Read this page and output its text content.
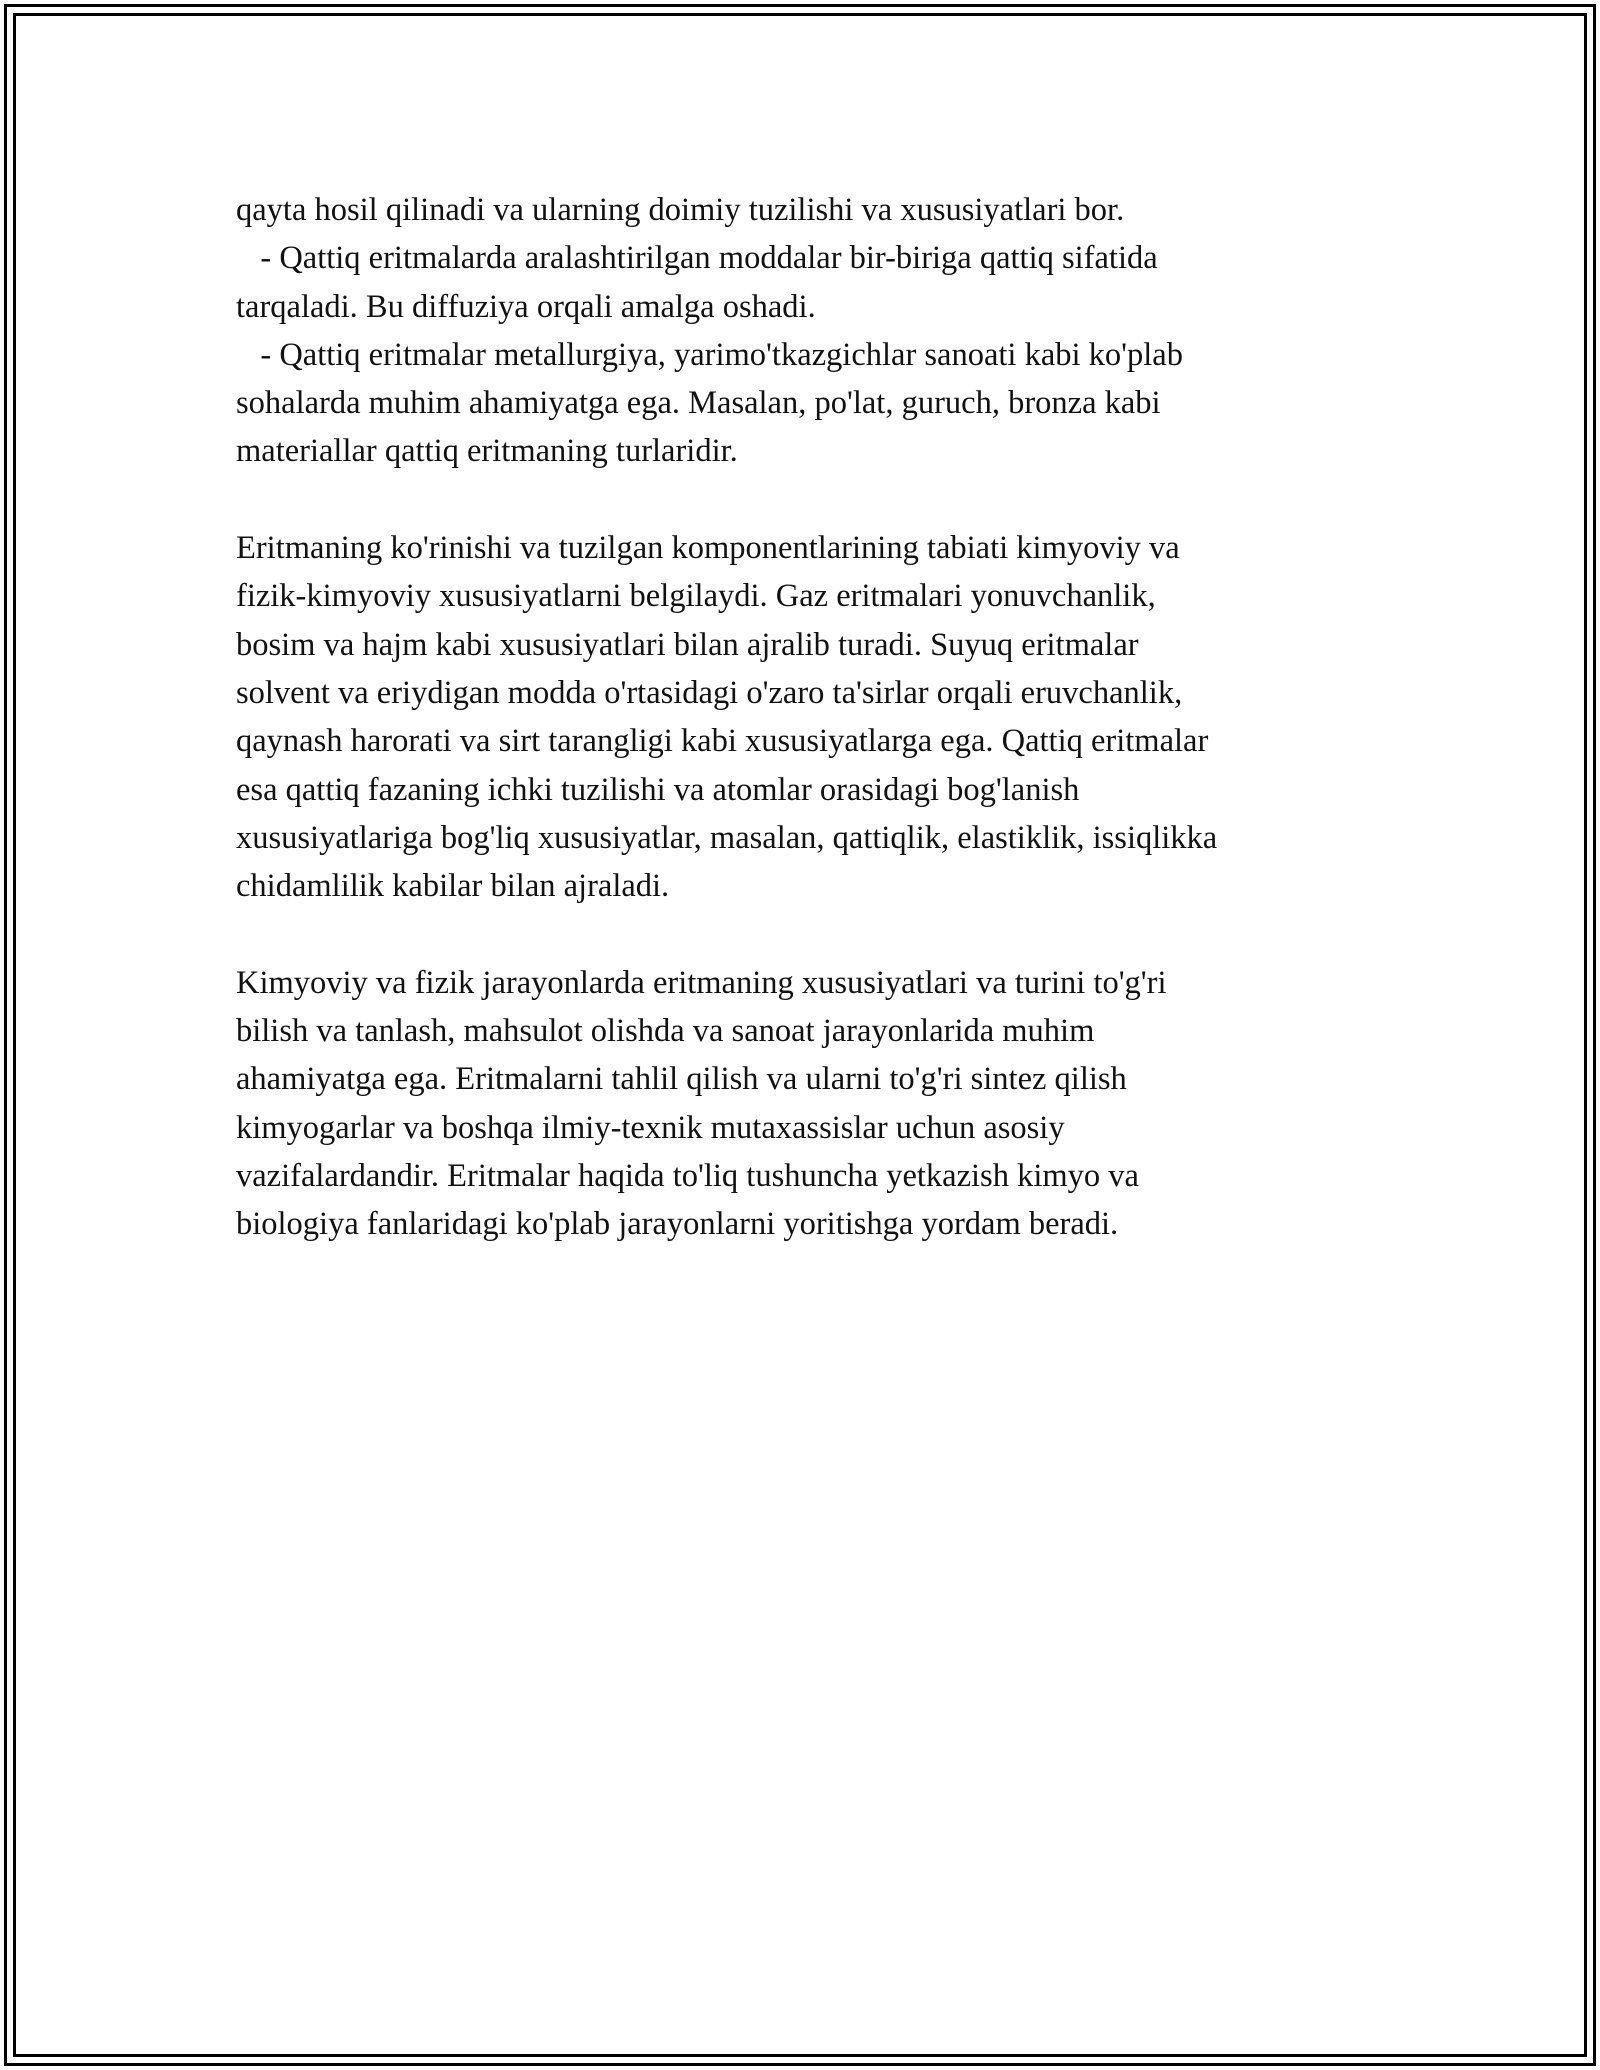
qayta hosil qilinadi va ularning doimiy tuzilishi va xususiyatlari bor.

- Qattiq eritmalarda aralashtirilgan moddalar bir-biriga qattiq sifatida

tarqaladi. Bu diffuziya orqali amalga oshadi.

- Qattiq eritmalar metallurgiya, yarimo'tkazgichlar sanoati kabi ko'plab

sohalarda muhim ahamiyatga ega. Masalan, po'lat, guruch, bronza kabi

materiallar qattiq eritmaning turlaridir.

Eritmaning ko'rinishi va tuzilgan komponentlarining tabiati kimyoviy va

fizik-kimyoviy xususiyatlarni belgilaydi. Gaz eritmalari yonuvchanlik,

bosim va hajm kabi xususiyatlari bilan ajralib turadi. Suyuq eritmalar

solvent va eriydigan modda o'rtasidagi o'zaro ta'sirlar orqali eruvchanlik,

qaynash harorati va sirt tarangligi kabi xususiyatlarga ega. Qattiq eritmalar

esa qattiq fazaning ichki tuzilishi va atomlar orasidagi bog'lanish

xususiyatlariga bog'liq xususiyatlar, masalan, qattiqlik, elastiklik, issiqlikka

chidamlilik kabilar bilan ajraladi.

Kimyoviy va fizik jarayonlarda eritmaning xususiyatlari va turini to'g'ri

bilish va tanlash, mahsulot olishda va sanoat jarayonlarida muhim

ahamiyatga ega. Eritmalarni tahlil qilish va ularni to'g'ri sintez qilish

kimyogarlar va boshqa ilmiy-texnik mutaxassislar uchun asosiy

vazifalardandir. Eritmalar haqida to'liq tushuncha yetkazish kimyo va

biologiya fanlaridagi ko'plab jarayonlarni yoritishga yordam beradi.
